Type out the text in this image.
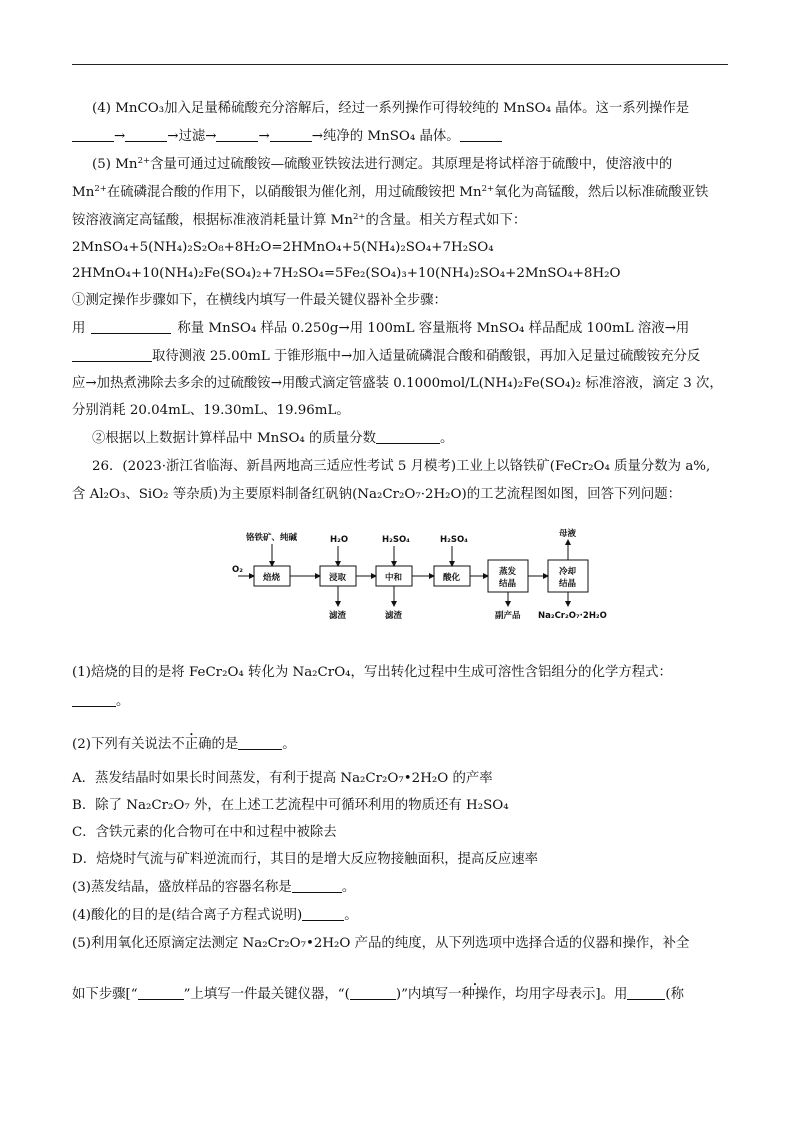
(4) MnCO₃加入足量稀硫酸充分溶解后，经过一系列操作可得较纯的 MnSO₄ 晶体。这一系列操作是
→	→过滤→	→	→纯净的 MnSO₄ 晶体。
(5) $Mn^{2+}$含量可通过过硫酸铵—硫酸亚铁铵法进行测定。其原理是将试样溶于硫酸中，使溶液中的
$Mn^{2+}$在硫磷混合酸的作用下，以硝酸银为催化剂，用过硫酸铵把 $Mn^{2+}$氧化为高锰酸，然后以标准硫酸亚铁
铵溶液滴定高锰酸，根据标准液消耗量计算 $Mn^{2+}$的含量。相关方程式如下：
2MnSO₄+5(NH₄)₂S₂O₈+8H₂O=2HMnO₄+5(NH₄)₂SO₄+7H₂SO₄
2HMnO₄+10(NH₄)₂Fe(SO₄)₂+7H₂SO₄=5Fe₂(SO₄)₃+10(NH₄)₂SO₄+2MnSO₄+8H₂O
①测定操作步骤如下，在横线内填写一件最关键仪器补全步骤：
用	称量 MnSO₄ 样品 0.250g→用 100mL 容量瓶将 MnSO₄ 样品配成 100mL 溶液→用
取待测液 25.00mL 于锥形瓶中→加入适量硫磷混合酸和硝酸银，再加入足量过硫酸铵充分反
应→加热煮沸除去多余的过硫酸铵→用酸式滴定管盛装 0.1000mol/L(NH₄)₂Fe(SO₄)₂ 标准溶液，滴定 3 次，
分别消耗 20.04mL、19.30mL、19.96mL。
②根据以上数据计算样品中 MnSO₄ 的质量分数	。
26．(2023·浙江省临海、新昌两地高三适应性考试 5 月模考)工业上以铬铁矿(FeCr₂O₄ 质量分数为 a%,
含 Al₂O₃、SiO₂ 等杂质)为主要原料制备红矾钠(Na₂Cr₂O₇·2H₂O)的工艺流程图如图，回答下列问题：
O₂
铬铁矿、纯碱	H₂O	H₂SO₄	H₂SO₄
焙烧	浸取	中和	酸化
蒸发
结晶
冷却
结晶
母液
滤渣	滤渣	副产品 Na₂Cr₂O₇·2H₂O
(1)焙烧的目的是将 FeCr₂O₄ 转化为 Na₂CrO₄，写出转化过程中生成可溶性含铝组分的化学方程式：
。
(2)下列有关说法不正确的是	。
A．蒸发结晶时如果长时间蒸发，有利于提高 Na₂Cr₂O₇•2H₂O 的产率
B．除了 Na₂Cr₂O₇ 外，在上述工艺流程中可循环利用的物质还有 H₂SO₄
C．含铁元素的化合物可在中和过程中被除去
D．焙烧时气流与矿料逆流而行，其目的是增大反应物接触面积，提高反应速率
(3)蒸发结晶，盛放样品的容器名称是	。
(4)酸化的目的是(结合离子方程式说明)	。
(5)利用氧化还原滴定法测定 Na₂Cr₂O₇•2H₂O 产品的纯度，从下列选项中选择合适的仪器和操作，补全
如下步骤[“	”上填写一件最关键仪器，“(	)”内填写一种操作，均用字母表示]。用	(称
